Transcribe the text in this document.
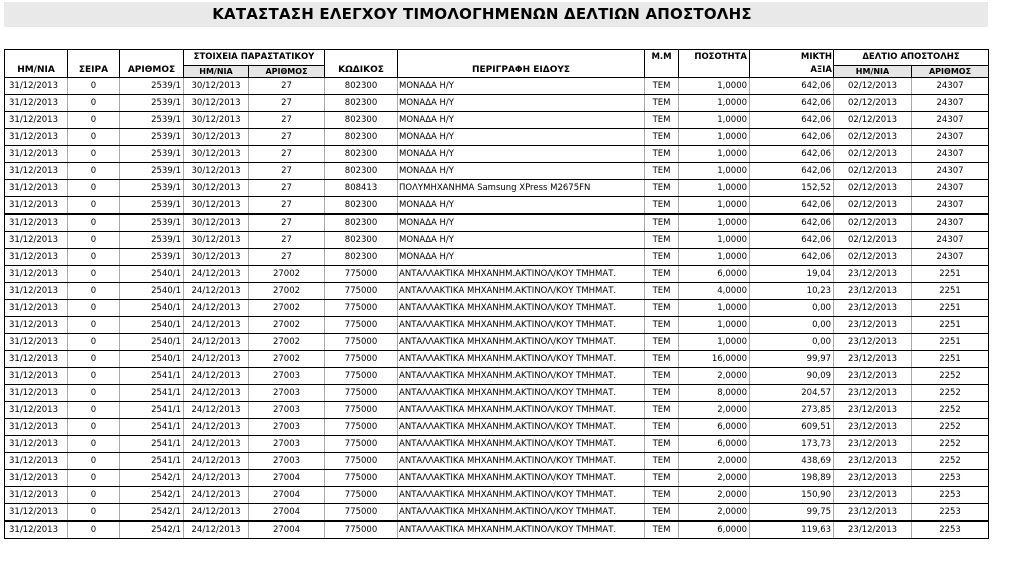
ΚΑΤΑΣΤΑΣΗ ΕΛΕΓΧΟΥ ΤΙΜΟΛΟΓΗΜΕΝΩΝ ΔΕΛΤΙΩΝ ΑΠΟΣΤΟΛΗΣ
ΗΜ/ΝΙΑ	ΣΕΙΡΑ	ΑΡΙΘΜΟΣ	ΣΤΟΙΧΕΙΑ ΠΑΡΑΣΤΑΤΙΚΟΥ		ΚΩΔΙΚΟΣ	ΠΕΡΙΓΡΑΦΗ ΕΙΔΟΥΣ	Μ.Μ	ΠΟΣΟΤΗΤΑ	ΜΙΚΤΗ
ΑΞΙΑ	ΔΕΛΤΙΟ ΑΠΟΣΤΟΛΗΣ	
			ΗΜ/ΝΙΑ	ΑΡΙΘΜΟΣ						ΗΜ/ΝΙΑ	ΑΡΙΘΜΟΣ
31/12/2013	0	2539/1	30/12/2013	27	802300	ΜΟΝΑΔΑ Η/Υ	TEM	1,0000	642,06	02/12/2013	24307
31/12/2013	0	2539/1	30/12/2013	27	802300	ΜΟΝΑΔΑ Η/Υ	TEM	1,0000	642,06	02/12/2013	24307
31/12/2013	0	2539/1	30/12/2013	27	802300	ΜΟΝΑΔΑ Η/Υ	TEM	1,0000	642,06	02/12/2013	24307
31/12/2013	0	2539/1	30/12/2013	27	802300	ΜΟΝΑΔΑ Η/Υ	TEM	1,0000	642,06	02/12/2013	24307
31/12/2013	0	2539/1	30/12/2013	27	802300	ΜΟΝΑΔΑ Η/Υ	TEM	1,0000	642,06	02/12/2013	24307
31/12/2013	0	2539/1	30/12/2013	27	802300	ΜΟΝΑΔΑ Η/Υ	TEM	1,0000	642,06	02/12/2013	24307
31/12/2013	0	2539/1	30/12/2013	27	808413	ΠΟΛΥΜΗΧΑΝΗΜΑ Samsung XPress M2675FN	TEM	1,0000	152,52	02/12/2013	24307
31/12/2013	0	2539/1	30/12/2013	27	802300	ΜΟΝΑΔΑ Η/Υ	TEM	1,0000	642,06	02/12/2013	24307
31/12/2013	0	2539/1	30/12/2013	27	802300	ΜΟΝΑΔΑ Η/Υ	TEM	1,0000	642,06	02/12/2013	24307
31/12/2013	0	2539/1	30/12/2013	27	802300	ΜΟΝΑΔΑ Η/Υ	TEM	1,0000	642,06	02/12/2013	24307
31/12/2013	0	2539/1	30/12/2013	27	802300	ΜΟΝΑΔΑ Η/Υ	TEM	1,0000	642,06	02/12/2013	24307
31/12/2013	0	2540/1	24/12/2013	27002	775000	ΑΝΤΑΛΛΑΚΤΙΚΑ ΜΗΧΑΝΗΜ.ΑΚΤΙΝΟΛ/ΚΟΥ ΤΜΗΜΑΤ.	TEM	6,0000	19,04	23/12/2013	2251
31/12/2013	0	2540/1	24/12/2013	27002	775000	ΑΝΤΑΛΛΑΚΤΙΚΑ ΜΗΧΑΝΗΜ.ΑΚΤΙΝΟΛ/ΚΟΥ ΤΜΗΜΑΤ.	TEM	4,0000	10,23	23/12/2013	2251
31/12/2013	0	2540/1	24/12/2013	27002	775000	ΑΝΤΑΛΛΑΚΤΙΚΑ ΜΗΧΑΝΗΜ.ΑΚΤΙΝΟΛ/ΚΟΥ ΤΜΗΜΑΤ.	TEM	1,0000	0,00	23/12/2013	2251
31/12/2013	0	2540/1	24/12/2013	27002	775000	ΑΝΤΑΛΛΑΚΤΙΚΑ ΜΗΧΑΝΗΜ.ΑΚΤΙΝΟΛ/ΚΟΥ ΤΜΗΜΑΤ.	TEM	1,0000	0,00	23/12/2013	2251
31/12/2013	0	2540/1	24/12/2013	27002	775000	ΑΝΤΑΛΛΑΚΤΙΚΑ ΜΗΧΑΝΗΜ.ΑΚΤΙΝΟΛ/ΚΟΥ ΤΜΗΜΑΤ.	TEM	1,0000	0,00	23/12/2013	2251
31/12/2013	0	2540/1	24/12/2013	27002	775000	ΑΝΤΑΛΛΑΚΤΙΚΑ ΜΗΧΑΝΗΜ.ΑΚΤΙΝΟΛ/ΚΟΥ ΤΜΗΜΑΤ.	TEM	16,0000	99,97	23/12/2013	2251
31/12/2013	0	2541/1	24/12/2013	27003	775000	ΑΝΤΑΛΛΑΚΤΙΚΑ ΜΗΧΑΝΗΜ.ΑΚΤΙΝΟΛ/ΚΟΥ ΤΜΗΜΑΤ.	TEM	2,0000	90,09	23/12/2013	2252
31/12/2013	0	2541/1	24/12/2013	27003	775000	ΑΝΤΑΛΛΑΚΤΙΚΑ ΜΗΧΑΝΗΜ.ΑΚΤΙΝΟΛ/ΚΟΥ ΤΜΗΜΑΤ.	TEM	8,0000	204,57	23/12/2013	2252
31/12/2013	0	2541/1	24/12/2013	27003	775000	ΑΝΤΑΛΛΑΚΤΙΚΑ ΜΗΧΑΝΗΜ.ΑΚΤΙΝΟΛ/ΚΟΥ ΤΜΗΜΑΤ.	TEM	2,0000	273,85	23/12/2013	2252
31/12/2013	0	2541/1	24/12/2013	27003	775000	ΑΝΤΑΛΛΑΚΤΙΚΑ ΜΗΧΑΝΗΜ.ΑΚΤΙΝΟΛ/ΚΟΥ ΤΜΗΜΑΤ.	TEM	6,0000	609,51	23/12/2013	2252
31/12/2013	0	2541/1	24/12/2013	27003	775000	ΑΝΤΑΛΛΑΚΤΙΚΑ ΜΗΧΑΝΗΜ.ΑΚΤΙΝΟΛ/ΚΟΥ ΤΜΗΜΑΤ.	TEM	6,0000	173,73	23/12/2013	2252
31/12/2013	0	2541/1	24/12/2013	27003	775000	ΑΝΤΑΛΛΑΚΤΙΚΑ ΜΗΧΑΝΗΜ.ΑΚΤΙΝΟΛ/ΚΟΥ ΤΜΗΜΑΤ.	TEM	2,0000	438,69	23/12/2013	2252
31/12/2013	0	2542/1	24/12/2013	27004	775000	ΑΝΤΑΛΛΑΚΤΙΚΑ ΜΗΧΑΝΗΜ.ΑΚΤΙΝΟΛ/ΚΟΥ ΤΜΗΜΑΤ.	TEM	2,0000	198,89	23/12/2013	2253
31/12/2013	0	2542/1	24/12/2013	27004	775000	ΑΝΤΑΛΛΑΚΤΙΚΑ ΜΗΧΑΝΗΜ.ΑΚΤΙΝΟΛ/ΚΟΥ ΤΜΗΜΑΤ.	TEM	2,0000	150,90	23/12/2013	2253
31/12/2013	0	2542/1	24/12/2013	27004	775000	ΑΝΤΑΛΛΑΚΤΙΚΑ ΜΗΧΑΝΗΜ.ΑΚΤΙΝΟΛ/ΚΟΥ ΤΜΗΜΑΤ.	TEM	2,0000	99,75	23/12/2013	2253
31/12/2013	0	2542/1	24/12/2013	27004	775000	ΑΝΤΑΛΛΑΚΤΙΚΑ ΜΗΧΑΝΗΜ.ΑΚΤΙΝΟΛ/ΚΟΥ ΤΜΗΜΑΤ.	TEM	6,0000	119,63	23/12/2013	2253
